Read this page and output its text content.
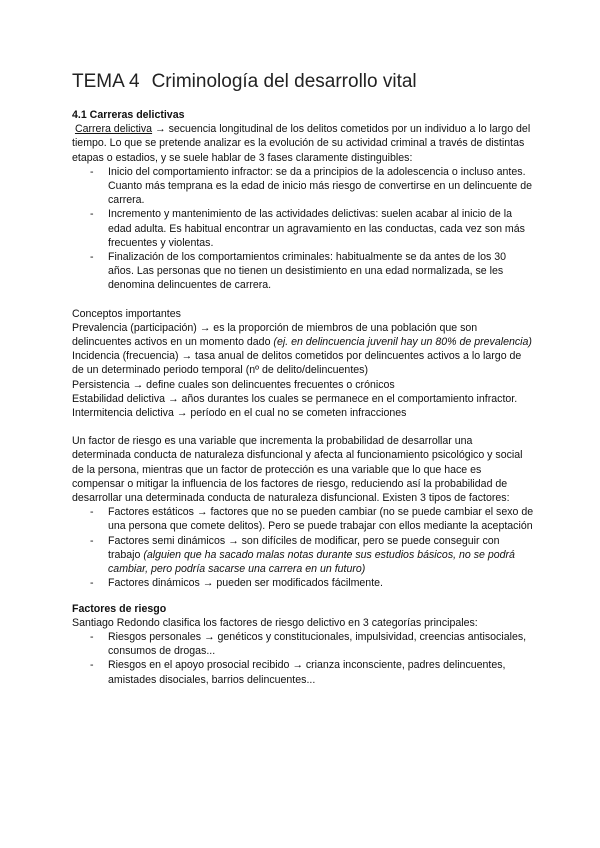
TEMA 4 Criminología del desarrollo vital

4.1 Carreras delictivas

Carrera delictiva → secuencia longitudinal de los delitos cometidos por un individuo a lo largo del tiempo. Lo que se pretende analizar es la evolución de su actividad criminal a través de distintas etapas o estadios, y se suele hablar de 3 fases claramente distinguibles:

- Inicio del comportamiento infractor: se da a principios de la adolescencia o incluso antes. Cuanto más temprana es la edad de inicio más riesgo de convertirse en un delincuente de carrera.
- Incremento y mantenimiento de las actividades delictivas: suelen acabar al inicio de la edad adulta. Es habitual encontrar un agravamiento en las conductas, cada vez son más frecuentes y violentas.
- Finalización de los comportamientos criminales: habitualmente se da antes de los 30 años. Las personas que no tienen un desistimiento en una edad normalizada, se les denomina delincuentes de carrera.

Conceptos importantes

Prevalencia (participación) → es la proporción de miembros de una población que son delincuentes activos en un momento dado (ej. en delincuencia juvenil hay un 80% de prevalencia)

Incidencia (frecuencia) → tasa anual de delitos cometidos por delincuentes activos a lo largo de de un determinado periodo temporal (nº de delito/delincuentes)

Persistencia → define cuales son delincuentes frecuentes o crónicos

Estabilidad delictiva → años durantes los cuales se permanece en el comportamiento infractor.

Intermitencia delictiva → período en el cual no se cometen infracciones

Un factor de riesgo es una variable que incrementa la probabilidad de desarrollar una determinada conducta de naturaleza disfuncional y afecta al funcionamiento psicológico y social de la persona, mientras que un factor de protección es una variable que lo que hace es compensar o mitigar la influencia de los factores de riesgo, reduciendo así la probabilidad de desarrollar una determinada conducta de naturaleza disfuncional. Existen 3 tipos de factores:

- Factores estáticos → factores que no se pueden cambiar (no se puede cambiar el sexo de una persona que comete delitos). Pero se puede trabajar con ellos mediante la aceptación
- Factores semi dinámicos → son difíciles de modificar, pero se puede conseguir con trabajo (alguien que ha sacado malas notas durante sus estudios básicos, no se podrá cambiar, pero podría sacarse una carrera en un futuro)
- Factores dinámicos → pueden ser modificados fácilmente.

Factores de riesgo

Santiago Redondo clasifica los factores de riesgo delictivo en 3 categorías principales:

- Riesgos personales → genéticos y constitucionales, impulsividad, creencias antisociales, consumos de drogas...
- Riesgos en el apoyo prosocial recibido → crianza inconsciente, padres delincuentes, amistades disociales, barrios delincuentes...
